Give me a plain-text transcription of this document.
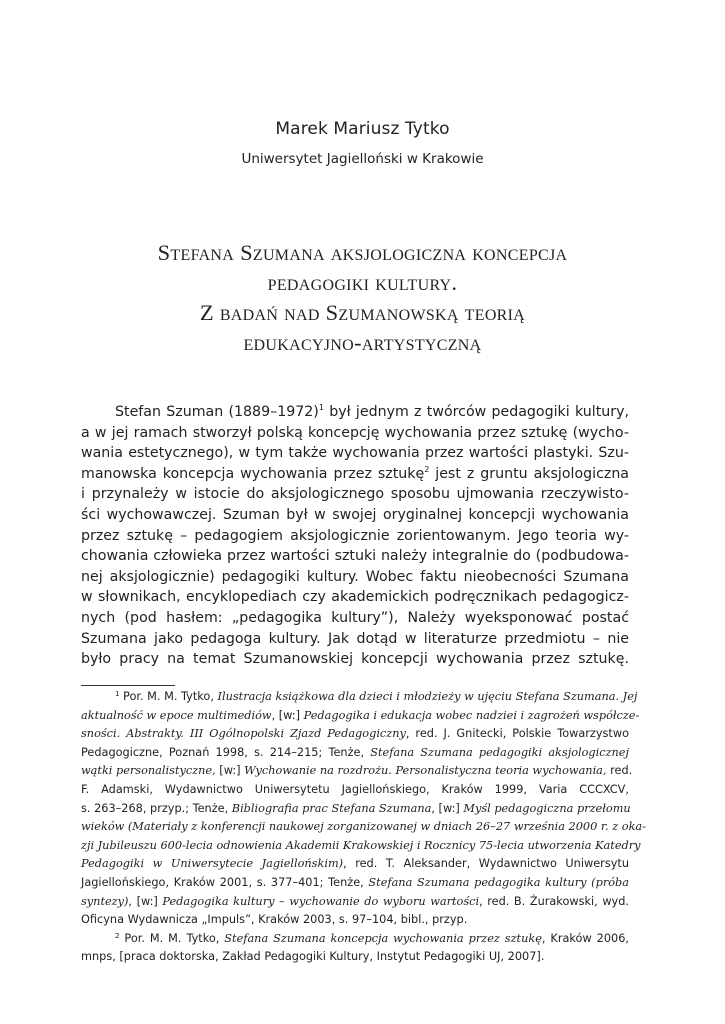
Marek Mariusz Tytko
Uniwersytet Jagielloński w Krakowie
Stefana Szumana aksjologiczna koncepcja
pedagogiki kultury.
Z badań nad Szumanowską teorią
edukacyjno-artystyczną
Stefan Szuman (1889–1972)$^1$ był jednym z twórców pedagogiki kultury,
a w jej ramach stworzył polską koncepcję wychowania przez sztukę (wycho-
wania estetycznego), w tym także wychowania przez wartości plastyki. Szu-
manowska koncepcja wychowania przez sztukę$^2$ jest z gruntu aksjologiczna
i przynależy w istocie do aksjologicznego sposobu ujmowania rzeczywisto-
ści wychowawczej. Szuman był w swojej oryginalnej koncepcji wychowania
przez sztukę – pedagogiem aksjologicznie zorientowanym. Jego teoria wy-
chowania człowieka przez wartości sztuki należy integralnie do (podbudowa-
nej aksjologicznie) pedagogiki kultury. Wobec faktu nieobecności Szumana
w słownikach, encyklopediach czy akademickich podręcznikach pedagogicz-
nych (pod hasłem: „pedagogika kultury”), Należy wyeksponować postać
Szumana jako pedagoga kultury. Jak dotąd w literaturze przedmiotu – nie
było pracy na temat Szumanowskiej koncepcji wychowania przez sztukę.
$^1$ Por. M. M. Tytko, Ilustracja książkowa dla dzieci i młodzieży w ujęciu Stefana Szumana. Jej
aktualność w epoce multimediów, [w:] Pedagogika i edukacja wobec nadziei i zagrożeń współcze-
sności. Abstrakty. III Ogólnopolski Zjazd Pedagogiczny, red. J. Gnitecki, Polskie Towarzystwo
Pedagogiczne, Poznań 1998, s. 214–215; Tenże, Stefana Szumana pedagogiki aksjologicznej
wątki personalistyczne, [w:] Wychowanie na rozdrożu. Personalistyczna teoria wychowania, red.
F. Adamski, Wydawnictwo Uniwersytetu Jagiellońskiego, Kraków 1999, Varia CCCXCV,
s. 263–268, przyp.; Tenże, Bibliografia prac Stefana Szumana, [w:] Myśl pedagogiczna przełomu
wieków (Materiały z konferencji naukowej zorganizowanej w dniach 26–27 września 2000 r. z oka-
zji Jubileuszu 600-lecia odnowienia Akademii Krakowskiej i Rocznicy 75-lecia utworzenia Katedry
Pedagogiki w Uniwersytecie Jagiellońskim), red. T. Aleksander, Wydawnictwo Uniwersytu
Jagiellońskiego, Kraków 2001, s. 377–401; Tenże, Stefana Szumana pedagogika kultury (próba
syntezy), [w:] Pedagogika kultury – wychowanie do wyboru wartości, red. B. Żurakowski, wyd.
Oficyna Wydawnicza „Impuls”, Kraków 2003, s. 97–104, bibl., przyp.
$^2$ Por. M. M. Tytko, Stefana Szumana koncepcja wychowania przez sztukę, Kraków 2006,
mnps, [praca doktorska, Zakład Pedagogiki Kultury, Instytut Pedagogiki UJ, 2007].
